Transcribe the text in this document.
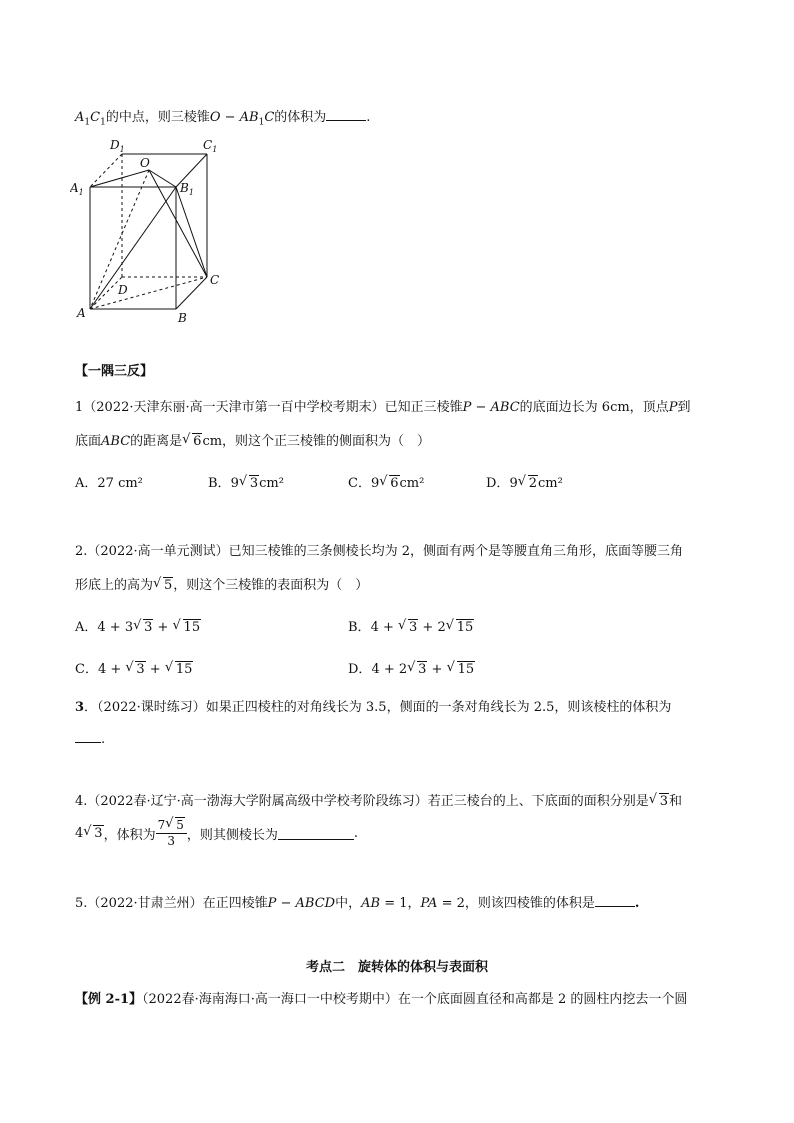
$A_1C_1$的中点，则三棱锥$O - AB_1C$的体积为	.
$D_1$	$C_1$
O
$A_1$	$B_1$
D
C
A	B
【一隅三反】
1（2022·天津东丽·高一天津市第一百中学校考期末）已知正三棱锥P − ABC的底面边长为 6cm，顶点P到
底面ABC的距离是 √ 6cm，则这个正三棱锥的侧面积为（　）
A．27 cm²	B．9 √ 3cm²	C．9 √ 6cm²	D．9 √ 2cm²
2.（2022·高一单元测试）已知三棱锥的三条侧棱长均为 2，侧面有两个是等腰直角三角形，底面等腰三角
形底上的高为 √ 5，则这个三棱锥的表面积为（　）
A．4 + 3 √ 3 + √ 15	B．4 + √ 3 + 2 √ 15
C．4 + √ 3 + √ 15	D．4 + 2 √ 3 + √ 15
3．（2022·课时练习）如果正四棱柱的对角线长为 3.5，侧面的一条对角线长为 2.5，则该棱柱的体积为
.
4.（2022春·辽宁·高一渤海大学附属高级中学校考阶段练习）若正三棱台的上、下底面的面积分别是 √ 3和
4 √ 3，体积为 $\frac{7 √ 5}{3}$ ，则其侧棱长为	.
5.（2022·甘肃兰州）在正四棱锥P − ABCD中，AB = 1，PA = 2，则该四棱锥的体积是	.
考点二　旋转体的体积与表面积
【例 2-1】（2022春·海南海口·高一海口一中校考期中）在一个底面圆直径和高都是 2 的圆柱内挖去一个圆
